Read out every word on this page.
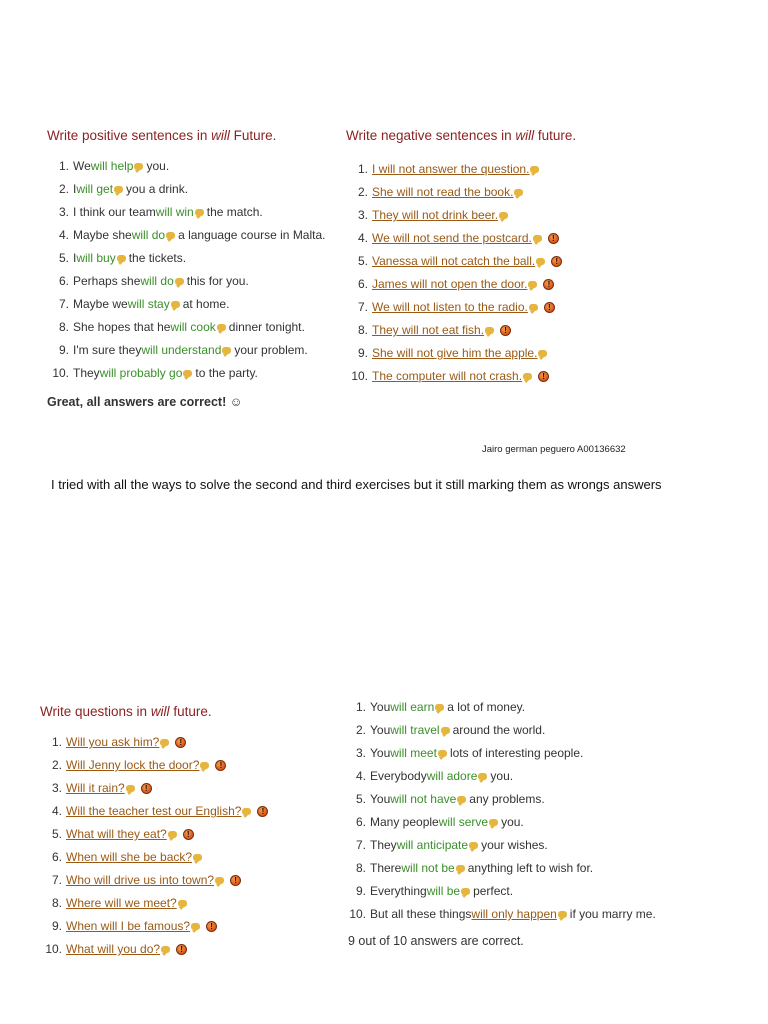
Write positive sentences in will Future.
1. We will help you.
2. I will get you a drink.
3. I think our team will win the match.
4. Maybe she will do a language course in Malta.
5. I will buy the tickets.
6. Perhaps she will do this for you.
7. Maybe we will stay at home.
8. She hopes that he will cook dinner tonight.
9. I'm sure they will understand your problem.
10. They will probably go to the party.
Great, all answers are correct! ☺
Write negative sentences in will future.
1. I will not answer the question.
2. She will not read the book.
3. They will not drink beer.
4. We will not send the postcard.	!
5. Vanessa will not catch the ball.	!
6. James will not open the door.	!
7. We will not listen to the radio.	!
8. They will not eat fish.	!
9. She will not give him the apple.
10. The computer will not crash.	!
Jairo german peguero A00136632
I tried with all the ways to solve the second and third exercises but it still marking them as wrongs answers
Write questions in will future.
1. Will you ask him?	!
2. Will Jenny lock the door?	!
3. Will it rain?	!
4. Will the teacher test our English?	!
5. What will they eat?	!
6. When will she be back?
7. Who will drive us into town?	!
8. Where will we meet?
9. When will I be famous?	!
10. What will you do?	!
1. You will earn a lot of money.
2. You will travel around the world.
3. You will meet lots of interesting people.
4. Everybody will adore you.
5. You will not have any problems.
6. Many people will serve you.
7. They will anticipate your wishes.
8. There will not be anything left to wish for.
9. Everything will be perfect.
10. But all these things will only happen if you marry me.
9 out of 10 answers are correct.
